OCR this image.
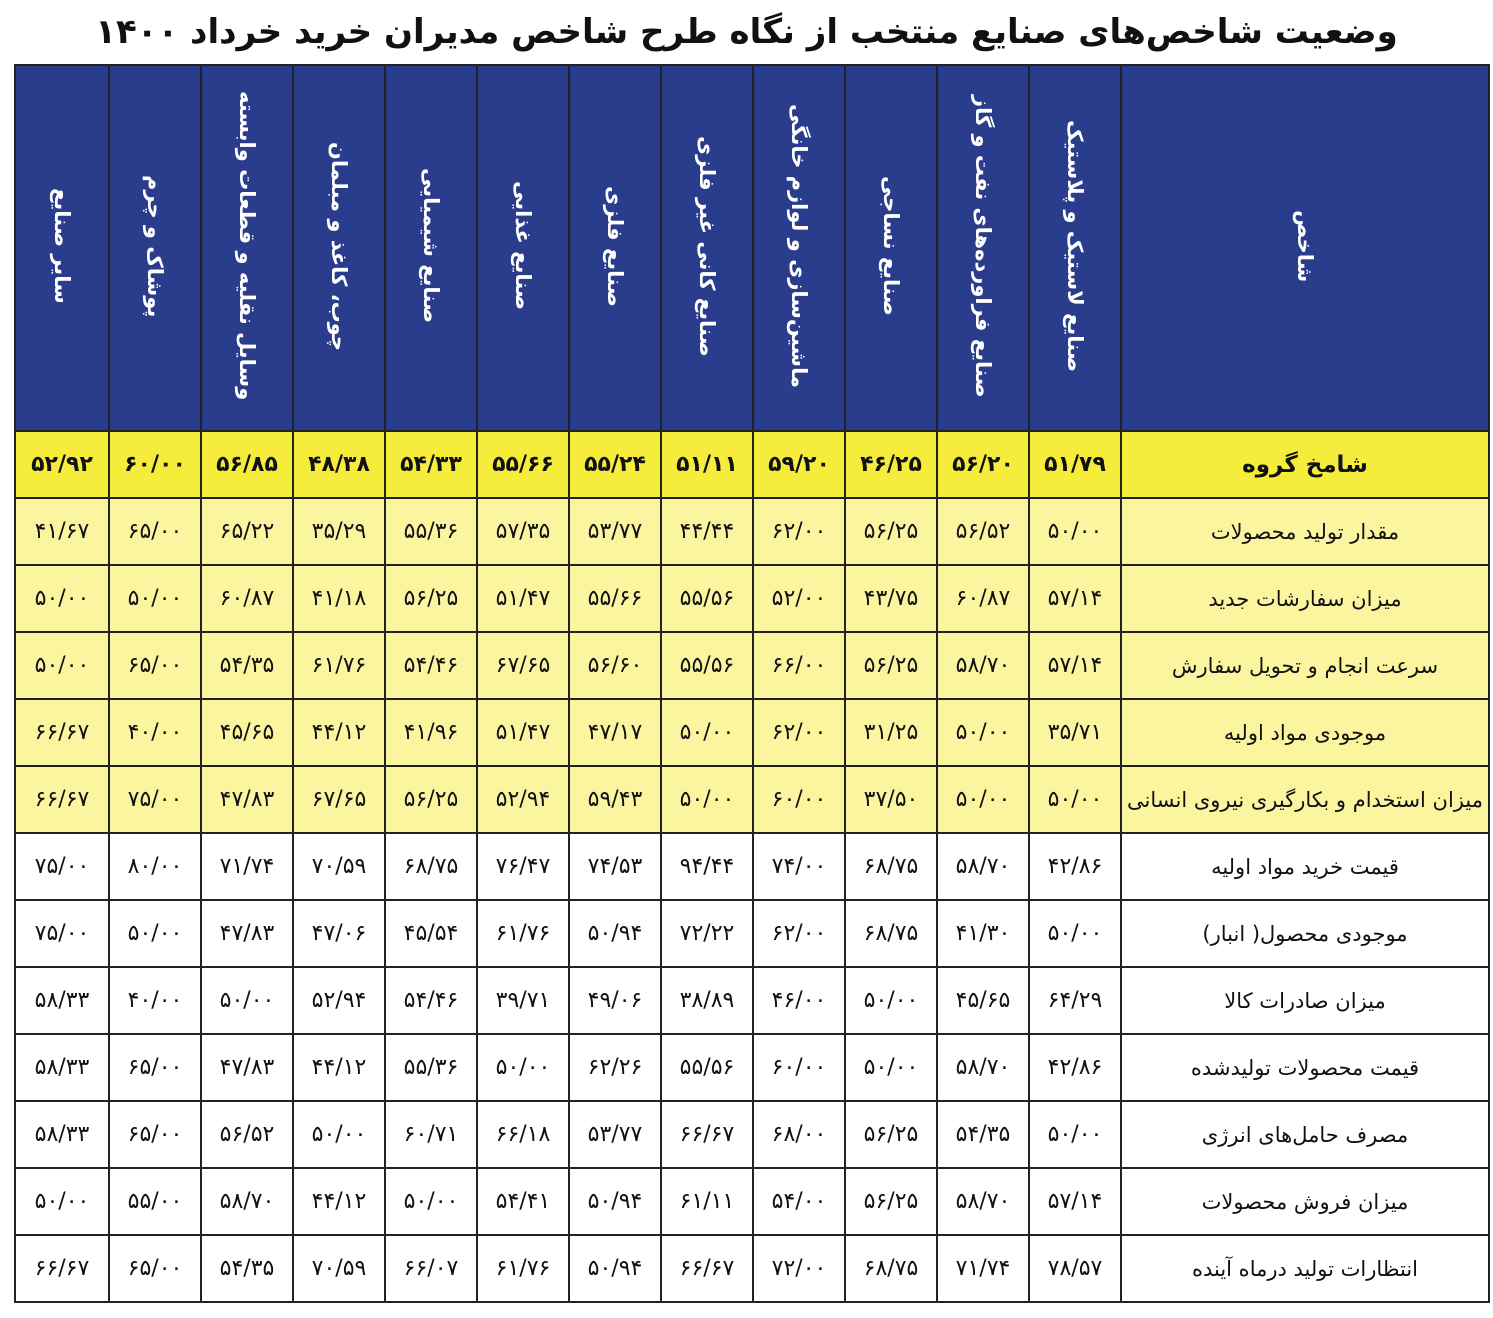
وضعیت شاخص‌های صنایع منتخب از نگاه طرح شاخص مدیران خرید خرداد ۱۴۰۰
شاخص	صنایع لاستیک و پلاستیک	صنایع فراورده‌های نفت و گاز	صنایع نساجی	ماشین‌سازی و لوازم خانگی	صنایع کانی غیر فلزی	صنایع فلزی	صنایع غذایی	صنایع شیمیایی	چوب، کاغذ و مبلمان	وسایل نقلیه و قطعات وابسته	پوشاک و چرم	سایر صنایع
شامخ گروه	۵۱/۷۹	۵۶/۲۰	۴۶/۲۵	۵۹/۲۰	۵۱/۱۱	۵۵/۲۴	۵۵/۶۶	۵۴/۳۳	۴۸/۳۸	۵۶/۸۵	۶۰/۰۰	۵۲/۹۲
مقدار تولید محصولات	۵۰/۰۰	۵۶/۵۲	۵۶/۲۵	۶۲/۰۰	۴۴/۴۴	۵۳/۷۷	۵۷/۳۵	۵۵/۳۶	۳۵/۲۹	۶۵/۲۲	۶۵/۰۰	۴۱/۶۷
میزان سفارشات جدید	۵۷/۱۴	۶۰/۸۷	۴۳/۷۵	۵۲/۰۰	۵۵/۵۶	۵۵/۶۶	۵۱/۴۷	۵۶/۲۵	۴۱/۱۸	۶۰/۸۷	۵۰/۰۰	۵۰/۰۰
سرعت انجام و تحویل سفارش	۵۷/۱۴	۵۸/۷۰	۵۶/۲۵	۶۶/۰۰	۵۵/۵۶	۵۶/۶۰	۶۷/۶۵	۵۴/۴۶	۶۱/۷۶	۵۴/۳۵	۶۵/۰۰	۵۰/۰۰
موجودی مواد اولیه	۳۵/۷۱	۵۰/۰۰	۳۱/۲۵	۶۲/۰۰	۵۰/۰۰	۴۷/۱۷	۵۱/۴۷	۴۱/۹۶	۴۴/۱۲	۴۵/۶۵	۴۰/۰۰	۶۶/۶۷
میزان استخدام و بکارگیری نیروی انسانی	۵۰/۰۰	۵۰/۰۰	۳۷/۵۰	۶۰/۰۰	۵۰/۰۰	۵۹/۴۳	۵۲/۹۴	۵۶/۲۵	۶۷/۶۵	۴۷/۸۳	۷۵/۰۰	۶۶/۶۷
قیمت خرید مواد اولیه	۴۲/۸۶	۵۸/۷۰	۶۸/۷۵	۷۴/۰۰	۹۴/۴۴	۷۴/۵۳	۷۶/۴۷	۶۸/۷۵	۷۰/۵۹	۷۱/۷۴	۸۰/۰۰	۷۵/۰۰
موجودی محصول( انبار)	۵۰/۰۰	۴۱/۳۰	۶۸/۷۵	۶۲/۰۰	۷۲/۲۲	۵۰/۹۴	۶۱/۷۶	۴۵/۵۴	۴۷/۰۶	۴۷/۸۳	۵۰/۰۰	۷۵/۰۰
میزان صادرات کالا	۶۴/۲۹	۴۵/۶۵	۵۰/۰۰	۴۶/۰۰	۳۸/۸۹	۴۹/۰۶	۳۹/۷۱	۵۴/۴۶	۵۲/۹۴	۵۰/۰۰	۴۰/۰۰	۵۸/۳۳
قیمت محصولات تولیدشده	۴۲/۸۶	۵۸/۷۰	۵۰/۰۰	۶۰/۰۰	۵۵/۵۶	۶۲/۲۶	۵۰/۰۰	۵۵/۳۶	۴۴/۱۲	۴۷/۸۳	۶۵/۰۰	۵۸/۳۳
مصرف حامل‌های انرژی	۵۰/۰۰	۵۴/۳۵	۵۶/۲۵	۶۸/۰۰	۶۶/۶۷	۵۳/۷۷	۶۶/۱۸	۶۰/۷۱	۵۰/۰۰	۵۶/۵۲	۶۵/۰۰	۵۸/۳۳
میزان فروش محصولات	۵۷/۱۴	۵۸/۷۰	۵۶/۲۵	۵۴/۰۰	۶۱/۱۱	۵۰/۹۴	۵۴/۴۱	۵۰/۰۰	۴۴/۱۲	۵۸/۷۰	۵۵/۰۰	۵۰/۰۰
انتظارات تولید درماه آینده	۷۸/۵۷	۷۱/۷۴	۶۸/۷۵	۷۲/۰۰	۶۶/۶۷	۵۰/۹۴	۶۱/۷۶	۶۶/۰۷	۷۰/۵۹	۵۴/۳۵	۶۵/۰۰	۶۶/۶۷
